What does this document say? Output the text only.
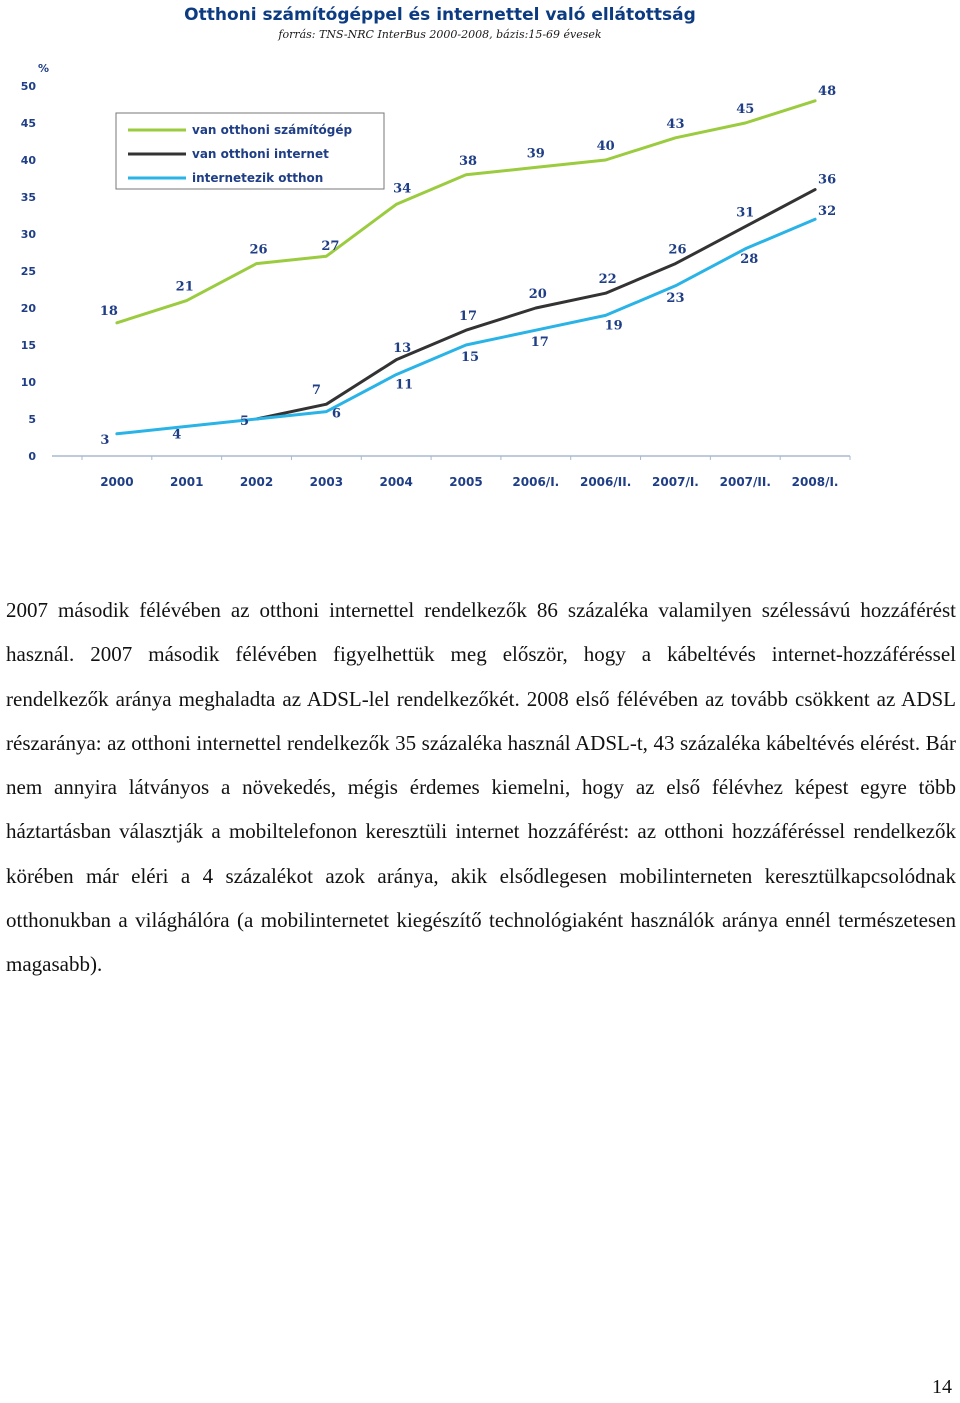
Otthoni számítógéppel és internettel való ellátottság
forrás: TNS-NRC InterBus 2000-2008, bázis:15-69 évesek
%
0
5
10
15
20
25
30
35
40
45
50
2000	2001	2002	2003	2004	2005 2006/I. 2006/II. 2007/I. 2007/II. 2008/I.
18
21
26	27
34
38	39	40
43
45
48
7
13
17
20
22
26
31
36
3	4
5	6
11
15
17
19
23
28
32
van otthoni számítógép
van otthoni internet
internetezik otthon

2007 második félévében az otthoni internettel rendelkezők 86 százaléka valamilyen szélessávú hozzáférést használ. 2007 második félévében figyelhettük meg először, hogy a kábeltévés internet-hozzáféréssel rendelkezők aránya meghaladta az ADSL-lel rendelkezőkét. 2008 első félévében az tovább csökkent az ADSL részaránya: az otthoni internettel rendelkezők 35 százaléka használ ADSL-t, 43 százaléka kábeltévés elérést. Bár nem annyira látványos a növekedés, mégis érdemes kiemelni, hogy az első félévhez képest egyre több háztartásban választják a mobiltelefonon keresztüli internet hozzáférést: az otthoni hozzáféréssel rendelkezők körében már eléri a 4 százalékot azok aránya, akik elsődlegesen mobilinterneten keresztülkapcsolódnak otthonukban a világhálóra (a mobilinternetet kiegészítő technológiaként használók aránya ennél természetesen magasabb).

14
